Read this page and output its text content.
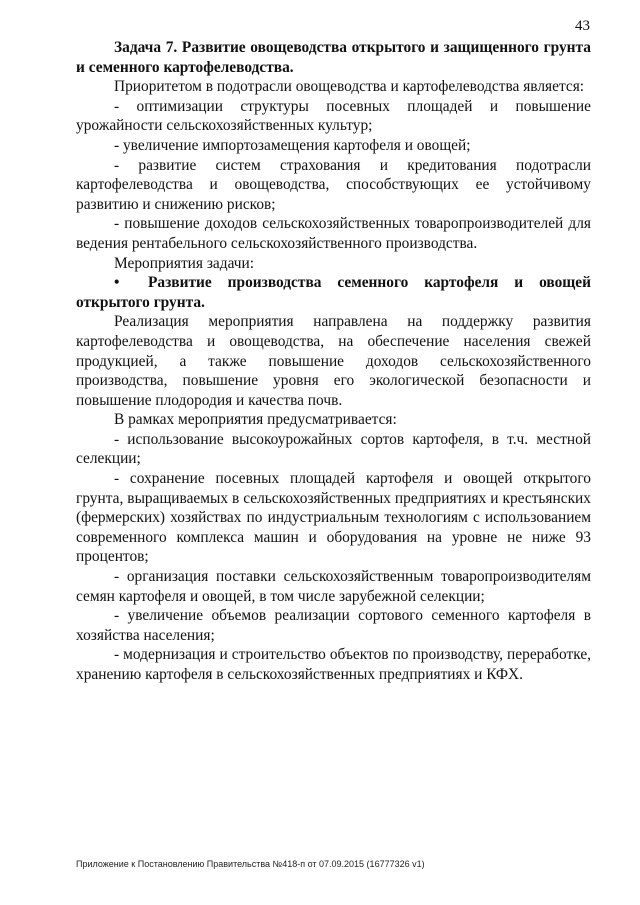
43

Задача 7. Развитие овощеводства открытого и защищенного грунта и семенного картофелеводства.

Приоритетом в подотрасли овощеводства и картофелеводства является:

- оптимизации структуры посевных площадей и повышение урожайности сельскохозяйственных культур;

- увеличение импортозамещения картофеля и овощей;

- развитие систем страхования и кредитования подотрасли картофелеводства и овощеводства, способствующих ее устойчивому развитию и снижению рисков;

- повышение доходов сельскохозяйственных товаропроизводителей для ведения рентабельного сельскохозяйственного производства.

Мероприятия задачи:

• Развитие производства семенного картофеля и овощей открытого грунта.

Реализация мероприятия направлена на поддержку развития картофелеводства и овощеводства, на обеспечение населения свежей продукцией, а также повышение доходов сельскохозяйственного производства, повышение уровня его экологической безопасности и повышение плодородия и качества почв.

В рамках мероприятия предусматривается:

- использование высокоурожайных сортов картофеля, в т.ч. местной селекции;

- сохранение посевных площадей картофеля и овощей открытого грунта, выращиваемых в сельскохозяйственных предприятиях и крестьянских (фермерских) хозяйствах по индустриальным технологиям с использованием современного комплекса машин и оборудования на уровне не ниже 93 процентов;

- организация поставки сельскохозяйственным товаропроизводителям семян картофеля и овощей, в том числе зарубежной селекции;

- увеличение объемов реализации сортового семенного картофеля в хозяйства населения;

- модернизация и строительство объектов по производству, переработке, хранению картофеля в сельскохозяйственных предприятиях и КФХ.

Приложение к Постановлению Правительства №418-п от 07.09.2015 (16777326 v1)
